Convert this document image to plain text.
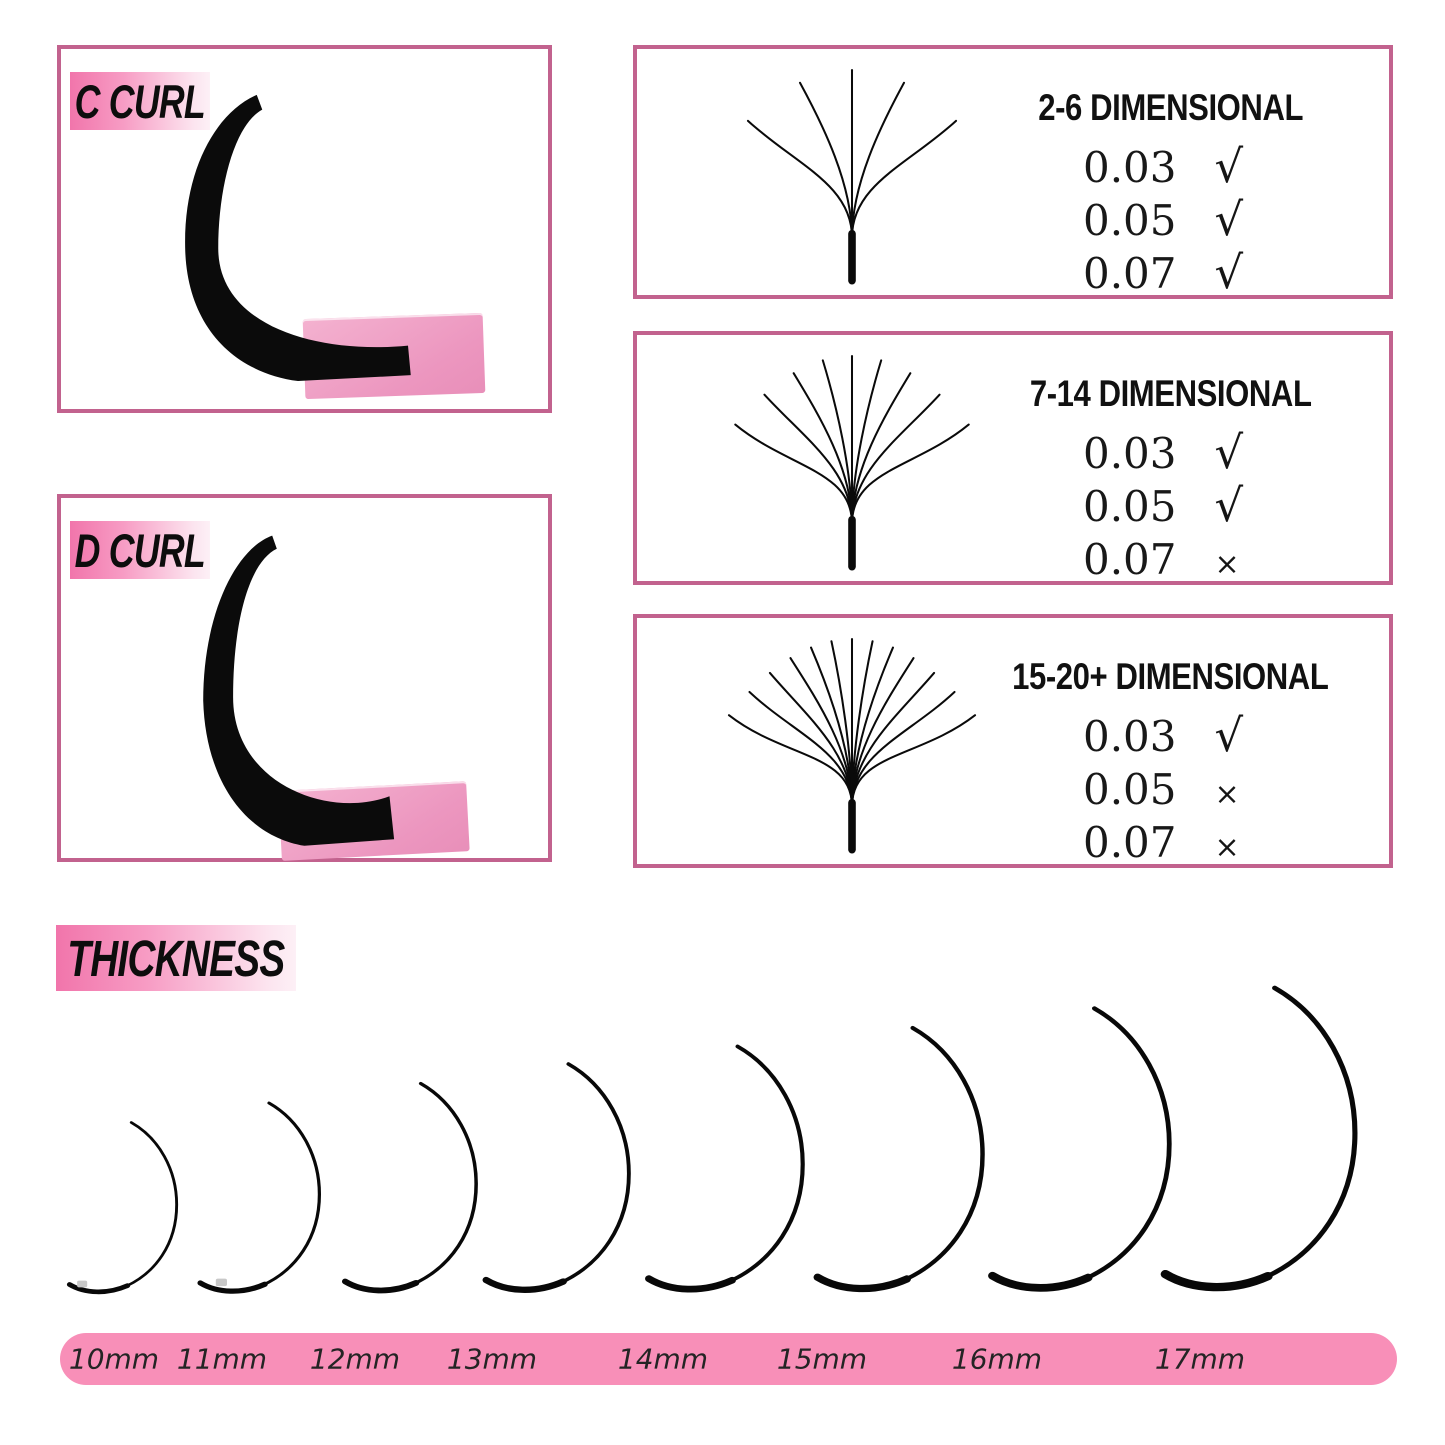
C CURL
D CURL
2-6 DIMENSIONAL
0.03 √
0.05 √
0.07 √
7-14 DIMENSIONAL
0.03 √
0.05 √
0.07 ×
15-20+ DIMENSIONAL
0.03 √
0.05 ×
0.07 ×
THICKNESS
10mm 11mm 12mm 13mm	14mm 15mm	16mm	17mm
